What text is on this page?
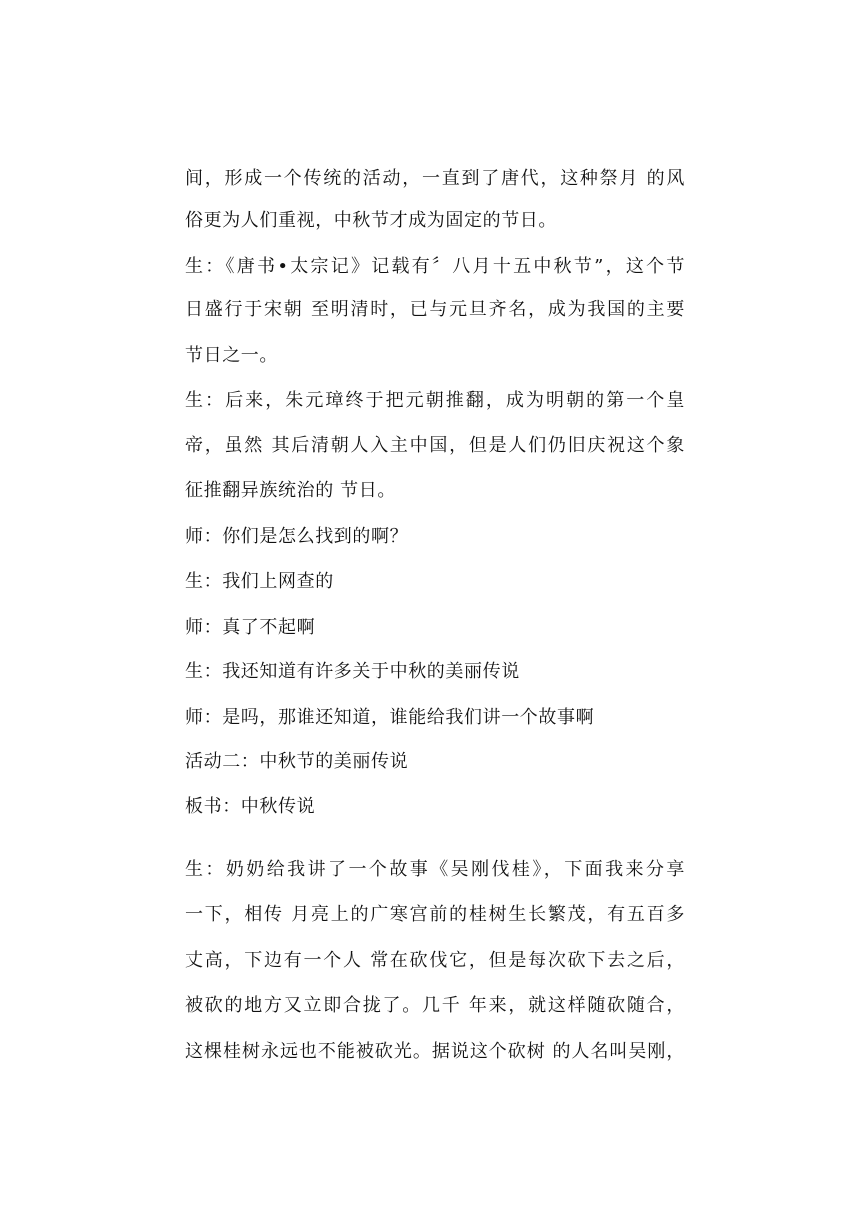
间，形成一个传统的活动，一直到了唐代，这种祭月 的风
俗更为人们重视，中秋节才成为固定的节日。
生：《唐书•太宗记》记载有〞八月十五中秋节”，这个节
日盛行于宋朝 至明清时，已与元旦齐名，成为我国的主要
节日之一。
生：后来，朱元璋终于把元朝推翻，成为明朝的第一个皇
帝，虽然 其后清朝人入主中国，但是人们仍旧庆祝这个象
征推翻异族统治的 节日。
师：你们是怎么找到的啊？
生：我们上网查的
师：真了不起啊
生：我还知道有许多关于中秋的美丽传说
师：是吗，那谁还知道，谁能给我们讲一个故事啊
活动二：中秋节的美丽传说
板书：中秋传说
生：奶奶给我讲了一个故事《吴刚伐桂》，下面我来分享
一下，相传 月亮上的广寒宫前的桂树生长繁茂，有五百多
丈高，下边有一个人 常在砍伐它，但是每次砍下去之后，
被砍的地方又立即合拢了。几千 年来，就这样随砍随合，
这棵桂树永远也不能被砍光。据说这个砍树 的人名叫吴刚，
